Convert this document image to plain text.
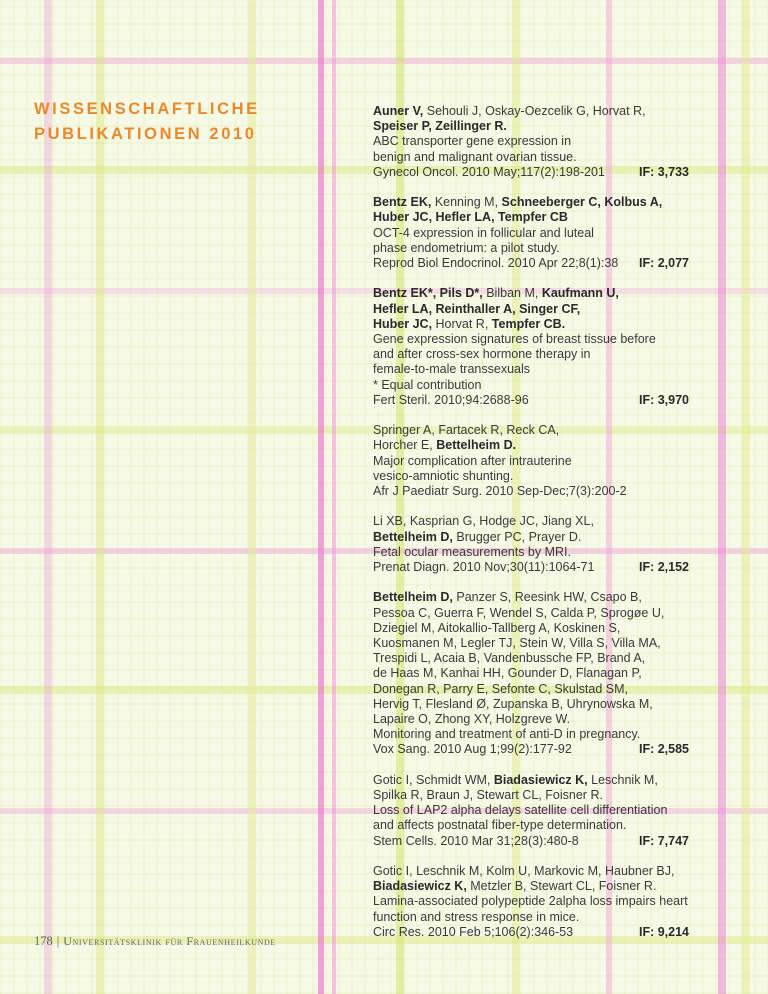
WISSENSCHAFTLICHE
PUBLIKATIONEN 2010
Auner V, Sehouli J, Oskay-Oezcelik G, Horvat R,
Speiser P, Zeillinger R.
ABC transporter gene expression in
benign and malignant ovarian tissue.
Gynecol Oncol. 2010 May;117(2):198-201	IF: 3,733
Bentz EK, Kenning M, Schneeberger C, Kolbus A,
Huber JC, Hefler LA, Tempfer CB
OCT-4 expression in follicular and luteal
phase endometrium: a pilot study.
Reprod Biol Endocrinol. 2010 Apr 22;8(1):38 IF: 2,077
Bentz EK*, Pils D*, Bilban M, Kaufmann U,
Hefler LA, Reinthaller A, Singer CF,
Huber JC, Horvat R, Tempfer CB.
Gene expression signatures of breast tissue before
and after cross-sex hormone therapy in
female-to-male transsexuals
* Equal contribution
Fert Steril. 2010;94:2688-96	IF: 3,970
Springer A, Fartacek R, Reck CA,
Horcher E, Bettelheim D.
Major complication after intrauterine
vesico-amniotic shunting.
Afr J Paediatr Surg. 2010 Sep-Dec;7(3):200-2
Li XB, Kasprian G, Hodge JC, Jiang XL,
Bettelheim D, Brugger PC, Prayer D.
Fetal ocular measurements by MRI.
Prenat Diagn. 2010 Nov;30(11):1064-71	IF: 2,152
Bettelheim D, Panzer S, Reesink HW, Csapo B,
Pessoa C, Guerra F, Wendel S, Calda P, Sprogøe U,
Dziegiel M, Aitokallio-Tallberg A, Koskinen S,
Kuosmanen M, Legler TJ, Stein W, Villa S, Villa MA,
Trespidi L, Acaia B, Vandenbussche FP, Brand A,
de Haas M, Kanhai HH, Gounder D, Flanagan P,
Donegan R, Parry E, Sefonte C, Skulstad SM,
Hervig T, Flesland Ø, Zupanska B, Uhrynowska M,
Lapaire O, Zhong XY, Holzgreve W.
Monitoring and treatment of anti-D in pregnancy.
Vox Sang. 2010 Aug 1;99(2):177-92	IF: 2,585
Gotic I, Schmidt WM, Biadasiewicz K, Leschnik M,
Spilka R, Braun J, Stewart CL, Foisner R.
Loss of LAP2 alpha delays satellite cell differentiation
and affects postnatal fiber-type determination.
Stem Cells. 2010 Mar 31;28(3):480-8	IF: 7,747
Gotic I, Leschnik M, Kolm U, Markovic M, Haubner BJ,
Biadasiewicz K, Metzler B, Stewart CL, Foisner R.
Lamina-associated polypeptide 2alpha loss impairs heart
function and stress response in mice.
Circ Res. 2010 Feb 5;106(2):346-53	IF: 9,214
178 | Universitätsklinik für Frauenheilkunde
